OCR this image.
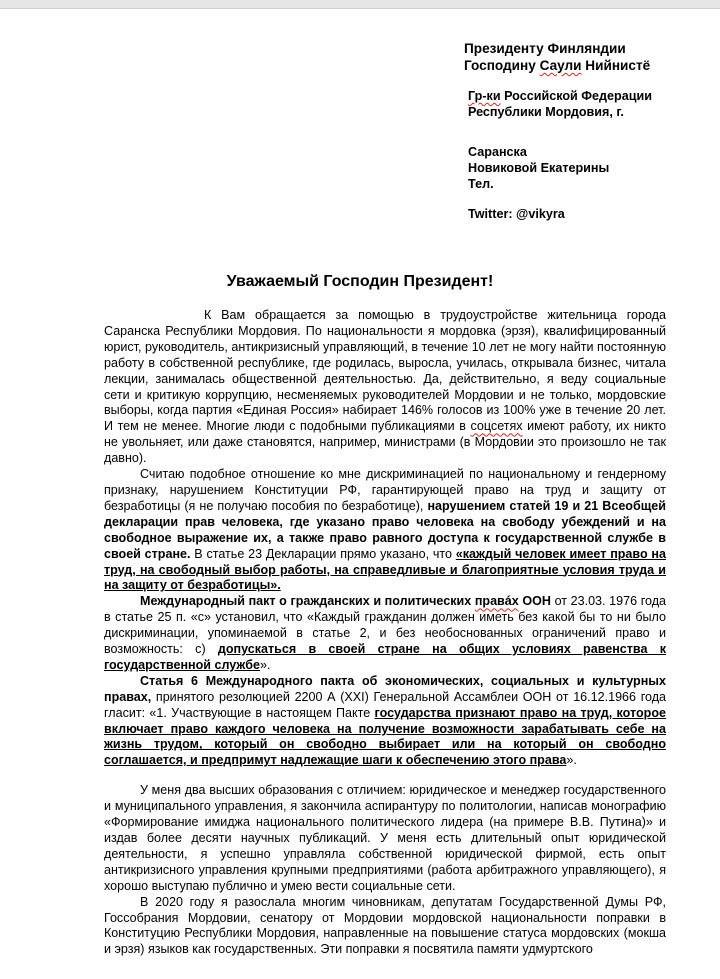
Президенту Финляндии
Господину Саули Нийнистё
Гр-ки Российской Федерации
Республики Мордовия, г.
Саранска
Новиковой Екатерины
Тел.
Twitter: @vikyra
Уважаемый Господин Президент!

К Вам обращается за помощью в трудоустройстве жительница города Саранска Республики Мордовия. По национальности я мордовка (эрзя), квалифицированный юрист, руководитель, антикризисный управляющий, в течение 10 лет не могу найти постоянную работу в собственной республике, где родилась, выросла, училась, открывала бизнес, читала лекции, занималась общественной деятельностью. Да, действительно, я веду социальные сети и критикую коррупцию, несменяемых руководителей Мордовии и не только, мордовские выборы, когда партия «Единая Россия» набирает 146% голосов из 100% уже в течение 20 лет. И тем не менее. Многие люди с подобными публикациями в соцсетях имеют работу, их никто не увольняет, или даже становятся, например, министрами (в Мордовии это произошло не так давно).

Считаю подобное отношение ко мне дискриминацией по национальному и гендерному признаку, нарушением Конституции РФ, гарантирующей право на труд и защиту от безработицы (я не получаю пособия по безработице), нарушением статей 19 и 21 Всеобщей декларации прав человека, где указано право человека на свободу убеждений и на свободное выражение их, а также право равного доступа к государственной службе в своей стране. В статье 23 Декларации прямо указано, что «каждый человек имеет право на труд, на свободный выбор работы, на справедливые и благоприятные условия труда и на защиту от безработицы».

Международный пакт о гражданских и политических правáх ООН от 23.03. 1976 года в статье 25 п. «с» установил, что «Каждый гражданин должен иметь без какой бы то ни было дискриминации, упоминаемой в статье 2, и без необоснованных ограничений право и возможность: с) допускаться в своей стране на общих условиях равенства к государственной службе».

Статья 6 Международного пакта об экономических, социальных и культурных правах, принятого резолюцией 2200 А (XXI) Генеральной Ассамблеи ООН от 16.12.1966 года гласит: «1. Участвующие в настоящем Пакте государства признают право на труд, которое включает право каждого человека на получение возможности зарабатывать себе на жизнь трудом, который он свободно выбирает или на который он свободно соглашается, и предпримут надлежащие шаги к обеспечению этого права».

У меня два высших образования с отличием: юридическое и менеджер государственного и муниципального управления, я закончила аспирантуру по политологии, написав монографию «Формирование имиджа национального политического лидера (на примере В.В. Путина)» и издав более десяти научных публикаций. У меня есть длительный опыт юридической деятельности, я успешно управляла собственной юридической фирмой, есть опыт антикризисного управления крупными предприятиями (работа арбитражного управляющего), я хорошо выступаю публично и умею вести социальные сети.

В 2020 году я разослала многим чиновникам, депутатам Государственной Думы РФ, Госсобрания Мордовии, сенатору от Мордовии мордовской национальности поправки в Конституцию Республики Мордовия, направленные на повышение статуса мордовских (мокша и эрзя) языков как государственных. Эти поправки я посвятила памяти удмуртского
